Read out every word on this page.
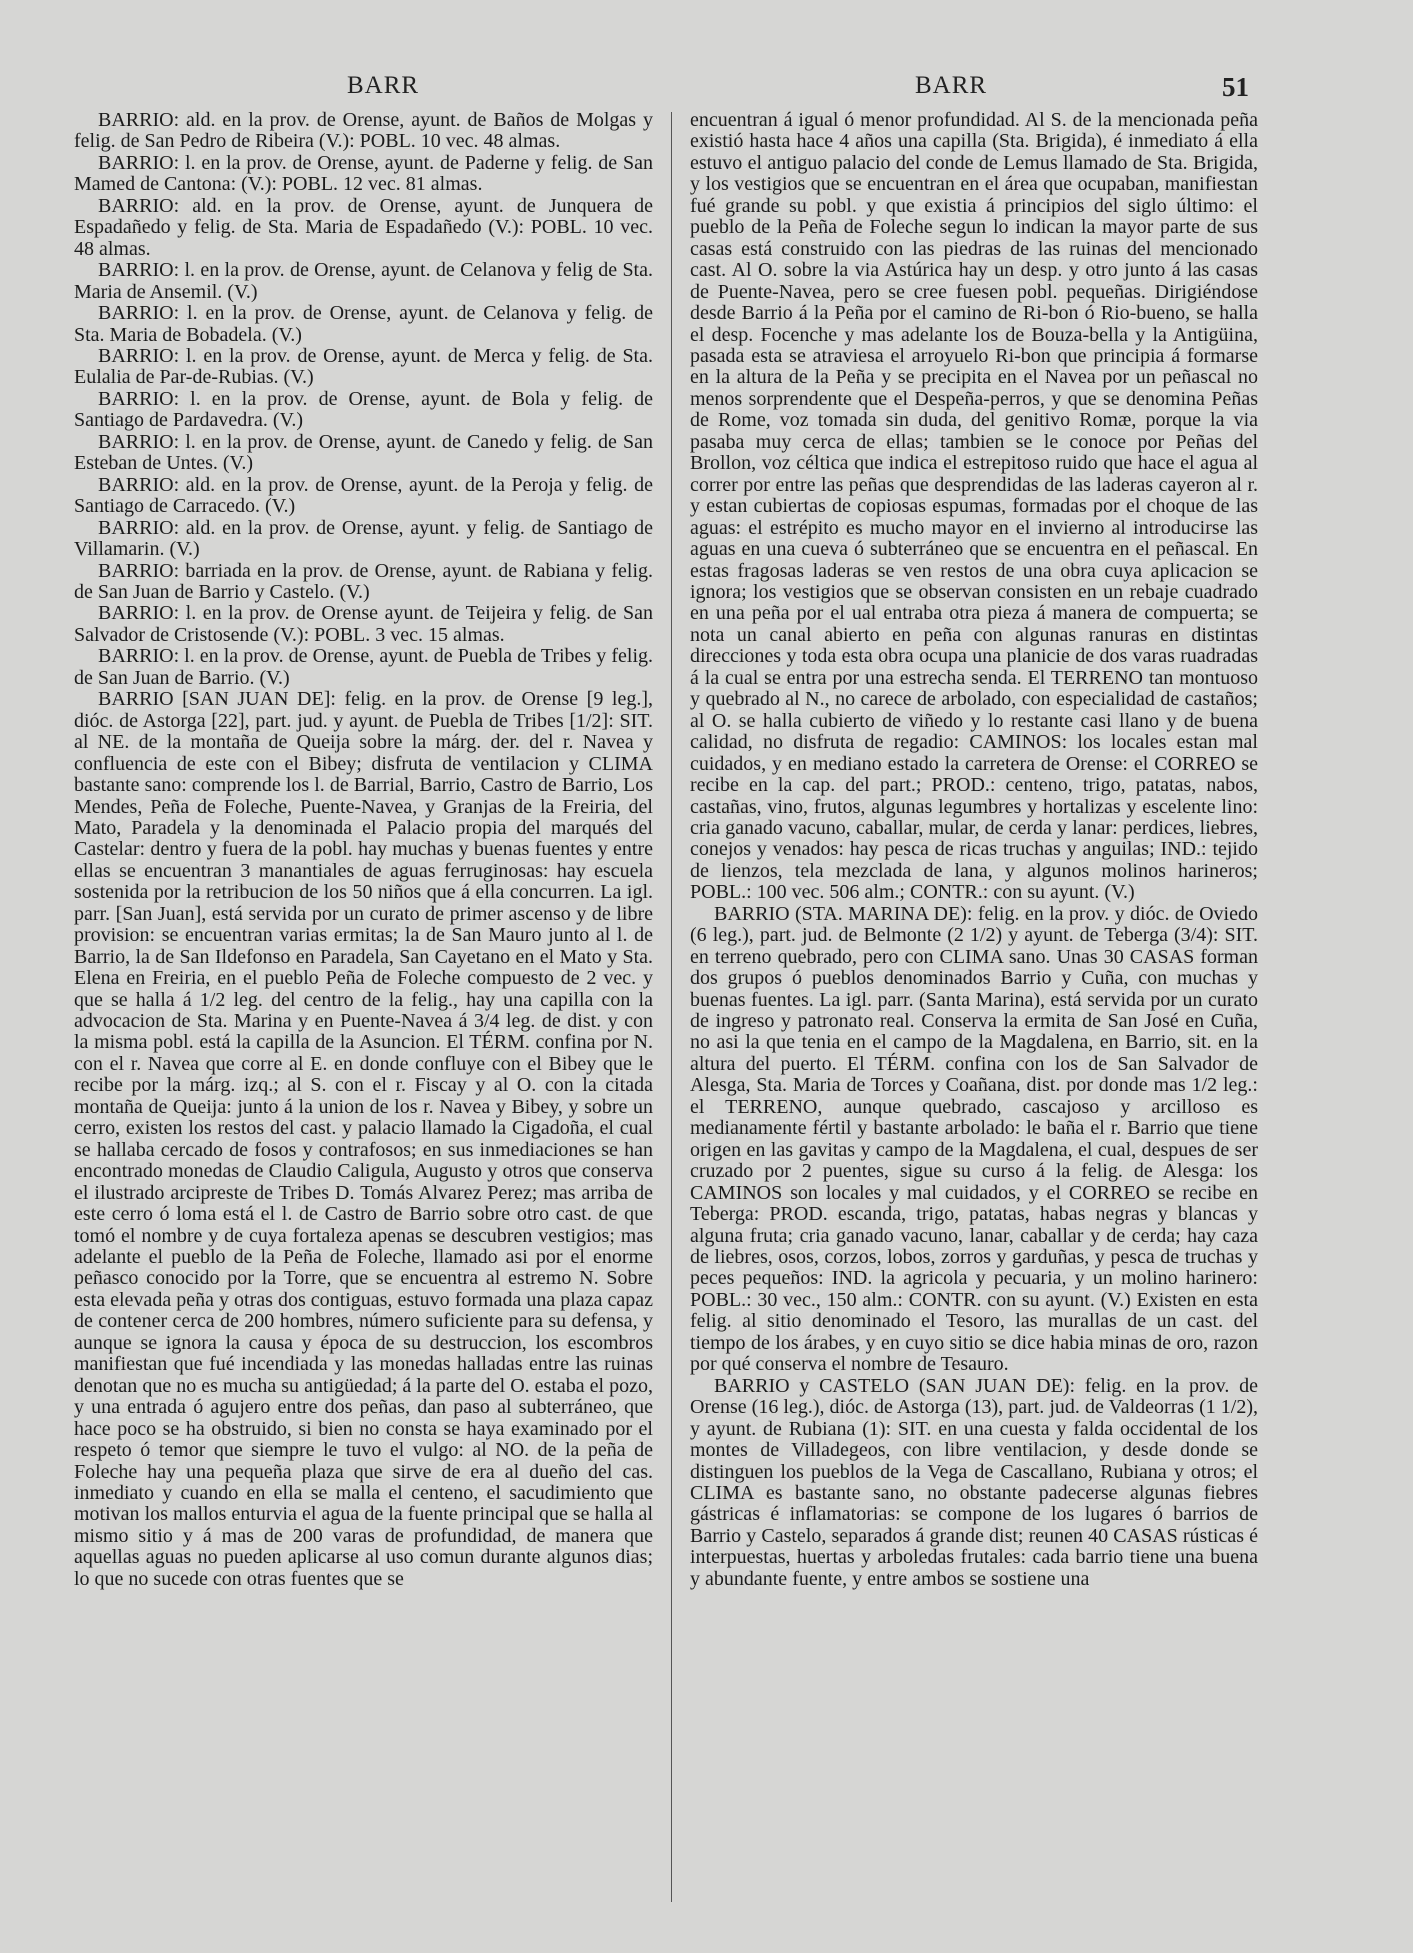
BARR	BARR	51

BARRIO: ald. en la prov. de Orense, ayunt. de Baños de Molgas y felig. de San Pedro de Ribeira (V.): POBL. 10 vec. 48 almas.

BARRIO: l. en la prov. de Orense, ayunt. de Paderne y felig. de San Mamed de Cantona: (V.): POBL. 12 vec. 81 almas.

BARRIO: ald. en la prov. de Orense, ayunt. de Junquera de Espadañedo y felig. de Sta. Maria de Espadañedo (V.): POBL. 10 vec. 48 almas.

BARRIO: l. en la prov. de Orense, ayunt. de Celanova y felig de Sta. Maria de Ansemil. (V.)

BARRIO: l. en la prov. de Orense, ayunt. de Celanova y felig. de Sta. Maria de Bobadela. (V.)

BARRIO: l. en la prov. de Orense, ayunt. de Merca y felig. de Sta. Eulalia de Par-de-Rubias. (V.)

BARRIO: l. en la prov. de Orense, ayunt. de Bola y felig. de Santiago de Pardavedra. (V.)

BARRIO: l. en la prov. de Orense, ayunt. de Canedo y felig. de San Esteban de Untes. (V.)

BARRIO: ald. en la prov. de Orense, ayunt. de la Peroja y felig. de Santiago de Carracedo. (V.)

BARRIO: ald. en la prov. de Orense, ayunt. y felig. de Santiago de Villamarin. (V.)

BARRIO: barriada en la prov. de Orense, ayunt. de Rabiana y felig. de San Juan de Barrio y Castelo. (V.)

BARRIO: l. en la prov. de Orense ayunt. de Teijeira y felig. de San Salvador de Cristosende (V.): POBL. 3 vec. 15 almas.

BARRIO: l. en la prov. de Orense, ayunt. de Puebla de Tribes y felig. de San Juan de Barrio. (V.)

BARRIO [SAN JUAN DE]: felig. en la prov. de Orense [9 leg.], dióc. de Astorga [22], part. jud. y ayunt. de Puebla de Tribes [1/2]: SIT. al NE. de la montaña de Queija sobre la márg. der. del r. Navea y confluencia de este con el Bibey; disfruta de ventilacion y CLIMA bastante sano: comprende los l. de Barrial, Barrio, Castro de Barrio, Los Mendes, Peña de Foleche, Puente-Navea, y Granjas de la Freiria, del Mato, Paradela y la denominada el Palacio propia del marqués del Castelar: dentro y fuera de la pobl. hay muchas y buenas fuentes y entre ellas se encuentran 3 manantiales de aguas ferruginosas: hay escuela sostenida por la retribucion de los 50 niños que á ella concurren. La igl. parr. [San Juan], está servida por un curato de primer ascenso y de libre provision: se encuentran varias ermitas; la de San Mauro junto al l. de Barrio, la de San Ildefonso en Paradela, San Cayetano en el Mato y Sta. Elena en Freiria, en el pueblo Peña de Foleche compuesto de 2 vec. y que se halla á 1/2 leg. del centro de la felig., hay una capilla con la advocacion de Sta. Marina y en Puente-Navea á 3/4 leg. de dist. y con la misma pobl. está la capilla de la Asuncion. El TÉRM. confina por N. con el r. Navea que corre al E. en donde confluye con el Bibey que le recibe por la márg. izq.; al S. con el r. Fiscay y al O. con la citada montaña de Queija: junto á la union de los r. Navea y Bibey, y sobre un cerro, existen los restos del cast. y palacio llamado la Cigadoña, el cual se hallaba cercado de fosos y contrafosos; en sus inmediaciones se han encontrado monedas de Claudio Caligula, Augusto y otros que conserva el ilustrado arcipreste de Tribes D. Tomás Alvarez Perez; mas arriba de este cerro ó loma está el l. de Castro de Barrio sobre otro cast. de que tomó el nombre y de cuya fortaleza apenas se descubren vestigios; mas adelante el pueblo de la Peña de Foleche, llamado asi por el enorme peñasco conocido por la Torre, que se encuentra al estremo N. Sobre esta elevada peña y otras dos contiguas, estuvo formada una plaza capaz de contener cerca de 200 hombres, número suficiente para su defensa, y aunque se ignora la causa y época de su destruccion, los escombros manifiestan que fué incendiada y las monedas halladas entre las ruinas denotan que no es mucha su antigüedad; á la parte del O. estaba el pozo, y una entrada ó agujero entre dos peñas, dan paso al subterráneo, que hace poco se ha obstruido, si bien no consta se haya examinado por el respeto ó temor que siempre le tuvo el vulgo: al NO. de la peña de Foleche hay una pequeña plaza que sirve de era al dueño del cas. inmediato y cuando en ella se malla el centeno, el sacudimiento que motivan los mallos enturvia el agua de la fuente principal que se halla al mismo sitio y á mas de 200 varas de profundidad, de manera que aquellas aguas no pueden aplicarse al uso comun durante algunos dias; lo que no sucede con otras fuentes que se

encuentran á igual ó menor profundidad. Al S. de la mencionada peña existió hasta hace 4 años una capilla (Sta. Brigida), é inmediato á ella estuvo el antiguo palacio del conde de Lemus llamado de Sta. Brigida, y los vestigios que se encuentran en el área que ocupaban, manifiestan fué grande su pobl. y que existia á principios del siglo último: el pueblo de la Peña de Foleche segun lo indican la mayor parte de sus casas está construido con las piedras de las ruinas del mencionado cast. Al O. sobre la via Astúrica hay un desp. y otro junto á las casas de Puente-Navea, pero se cree fuesen pobl. pequeñas. Dirigiéndose desde Barrio á la Peña por el camino de Ri-bon ó Rio-bueno, se halla el desp. Focenche y mas adelante los de Bouza-bella y la Antigüina, pasada esta se atraviesa el arroyuelo Ri-bon que principia á formarse en la altura de la Peña y se precipita en el Navea por un peñascal no menos sorprendente que el Despeña-perros, y que se denomina Peñas de Rome, voz tomada sin duda, del genitivo Romæ, porque la via pasaba muy cerca de ellas; tambien se le conoce por Peñas del Brollon, voz céltica que indica el estrepitoso ruido que hace el agua al correr por entre las peñas que desprendidas de las laderas cayeron al r. y estan cubiertas de copiosas espumas, formadas por el choque de las aguas: el estrépito es mucho mayor en el invierno al introducirse las aguas en una cueva ó subterráneo que se encuentra en el peñascal. En estas fragosas laderas se ven restos de una obra cuya aplicacion se ignora; los vestigios que se observan consisten en un rebaje cuadrado en una peña por el ual entraba otra pieza á manera de compuerta; se nota un canal abierto en peña con algunas ranuras en distintas direcciones y toda esta obra ocupa una planicie de dos varas ruadradas á la cual se entra por una estrecha senda. El TERRENO tan montuoso y quebrado al N., no carece de arbolado, con especialidad de castaños; al O. se halla cubierto de viñedo y lo restante casi llano y de buena calidad, no disfruta de regadio: CAMINOS: los locales estan mal cuidados, y en mediano estado la carretera de Orense: el CORREO se recibe en la cap. del part.; PROD.: centeno, trigo, patatas, nabos, castañas, vino, frutos, algunas legumbres y hortalizas y escelente lino: cria ganado vacuno, caballar, mular, de cerda y lanar: perdices, liebres, conejos y venados: hay pesca de ricas truchas y anguilas; IND.: tejido de lienzos, tela mezclada de lana, y algunos molinos harineros; POBL.: 100 vec. 506 alm.; CONTR.: con su ayunt. (V.)

BARRIO (STA. MARINA DE): felig. en la prov. y dióc. de Oviedo (6 leg.), part. jud. de Belmonte (2 1/2) y ayunt. de Teberga (3/4): SIT. en terreno quebrado, pero con CLIMA sano. Unas 30 CASAS forman dos grupos ó pueblos denominados Barrio y Cuña, con muchas y buenas fuentes. La igl. parr. (Santa Marina), está servida por un curato de ingreso y patronato real. Conserva la ermita de San José en Cuña, no asi la que tenia en el campo de la Magdalena, en Barrio, sit. en la altura del puerto. El TÉRM. confina con los de San Salvador de Alesga, Sta. Maria de Torces y Coañana, dist. por donde mas 1/2 leg.: el TERRENO, aunque quebrado, cascajoso y arcilloso es medianamente fértil y bastante arbolado: le baña el r. Barrio que tiene origen en las gavitas y campo de la Magdalena, el cual, despues de ser cruzado por 2 puentes, sigue su curso á la felig. de Alesga: los CAMINOS son locales y mal cuidados, y el CORREO se recibe en Teberga: PROD. escanda, trigo, patatas, habas negras y blancas y alguna fruta; cria ganado vacuno, lanar, caballar y de cerda; hay caza de liebres, osos, corzos, lobos, zorros y garduñas, y pesca de truchas y peces pequeños: IND. la agricola y pecuaria, y un molino harinero: POBL.: 30 vec., 150 alm.: CONTR. con su ayunt. (V.) Existen en esta felig. al sitio denominado el Tesoro, las murallas de un cast. del tiempo de los árabes, y en cuyo sitio se dice habia minas de oro, razon por qué conserva el nombre de Tesauro.

BARRIO y CASTELO (SAN JUAN DE): felig. en la prov. de Orense (16 leg.), dióc. de Astorga (13), part. jud. de Valdeorras (1 1/2), y ayunt. de Rubiana (1): SIT. en una cuesta y falda occidental de los montes de Villadegeos, con libre ventilacion, y desde donde se distinguen los pueblos de la Vega de Cascallano, Rubiana y otros; el CLIMA es bastante sano, no obstante padecerse algunas fiebres gástricas é inflamatorias: se compone de los lugares ó barrios de Barrio y Castelo, separados á grande dist; reunen 40 CASAS rústicas é interpuestas, huertas y arboledas frutales: cada barrio tiene una buena y abundante fuente, y entre ambos se sostiene una
